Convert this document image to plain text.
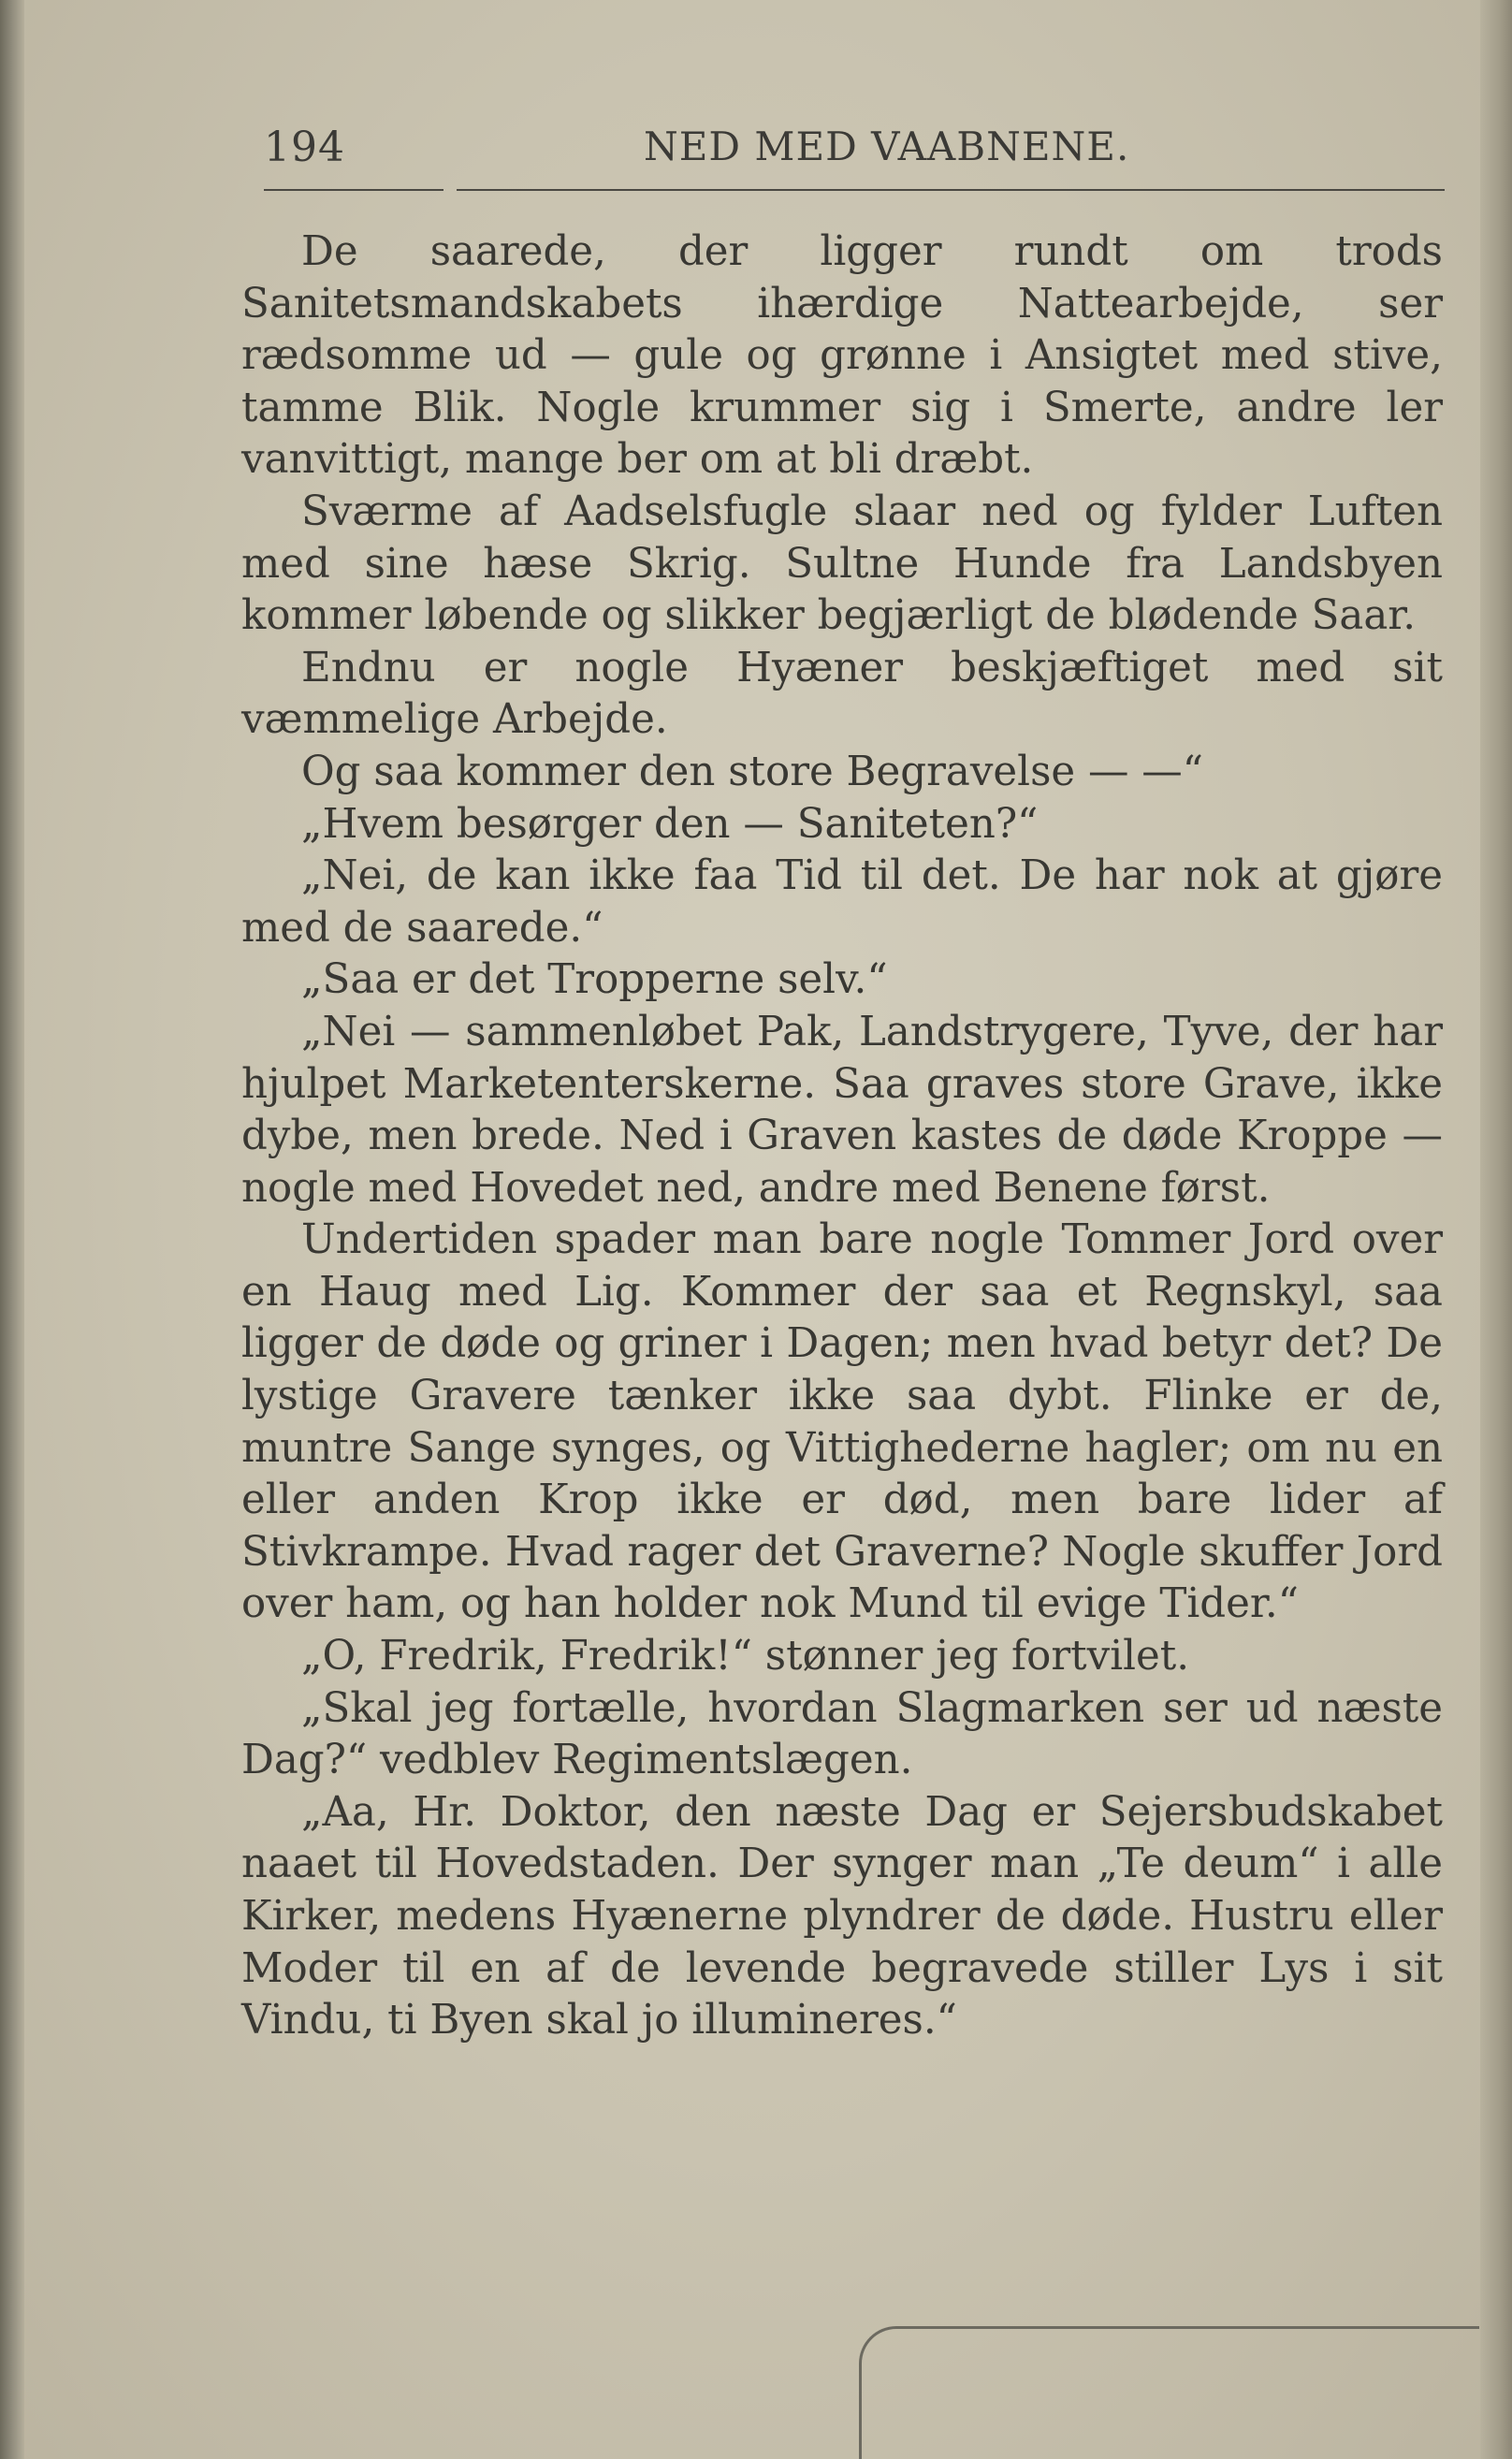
194	NED MED VAABNENE.

De saarede, der ligger rundt om trods Sanitetsmandskabets ihærdige Nattearbejde, ser rædsomme ud — gule og grønne i Ansigtet med stive, tamme Blik. Nogle krummer sig i Smerte, andre ler vanvittigt, mange ber om at bli dræbt.

Sværme af Aadselsfugle slaar ned og fylder Luften med sine hæse Skrig. Sultne Hunde fra Landsbyen kommer løbende og slikker begjærligt de blødende Saar.

Endnu er nogle Hyæner beskjæftiget med sit væmmelige Arbejde.

Og saa kommer den store Begravelse — —“

„Hvem besørger den — Saniteten?“

„Nei, de kan ikke faa Tid til det. De har nok at gjøre med de saarede.“

„Saa er det Tropperne selv.“

„Nei — sammenløbet Pak, Landstrygere, Tyve, der har hjulpet Marketenterskerne. Saa graves store Grave, ikke dybe, men brede. Ned i Graven kastes de døde Kroppe — nogle med Hovedet ned, andre med Benene først.

Undertiden spader man bare nogle Tommer Jord over en Haug med Lig. Kommer der saa et Regnskyl, saa ligger de døde og griner i Dagen; men hvad betyr det? De lystige Gravere tænker ikke saa dybt. Flinke er de, muntre Sange synges, og Vittighederne hagler; om nu en eller anden Krop ikke er død, men bare lider af Stivkrampe. Hvad rager det Graverne? Nogle skuffer Jord over ham, og han holder nok Mund til evige Tider.“

„O, Fredrik, Fredrik!“ stønner jeg fortvilet.

„Skal jeg fortælle, hvordan Slagmarken ser ud næste Dag?“ vedblev Regimentslægen.

„Aa, Hr. Doktor, den næste Dag er Sejersbudskabet naaet til Hovedstaden. Der synger man „Te deum“ i alle Kirker, medens Hyænerne plyndrer de døde. Hustru eller Moder til en af de levende begravede stiller Lys i sit Vindu, ti Byen skal jo illumineres.“
